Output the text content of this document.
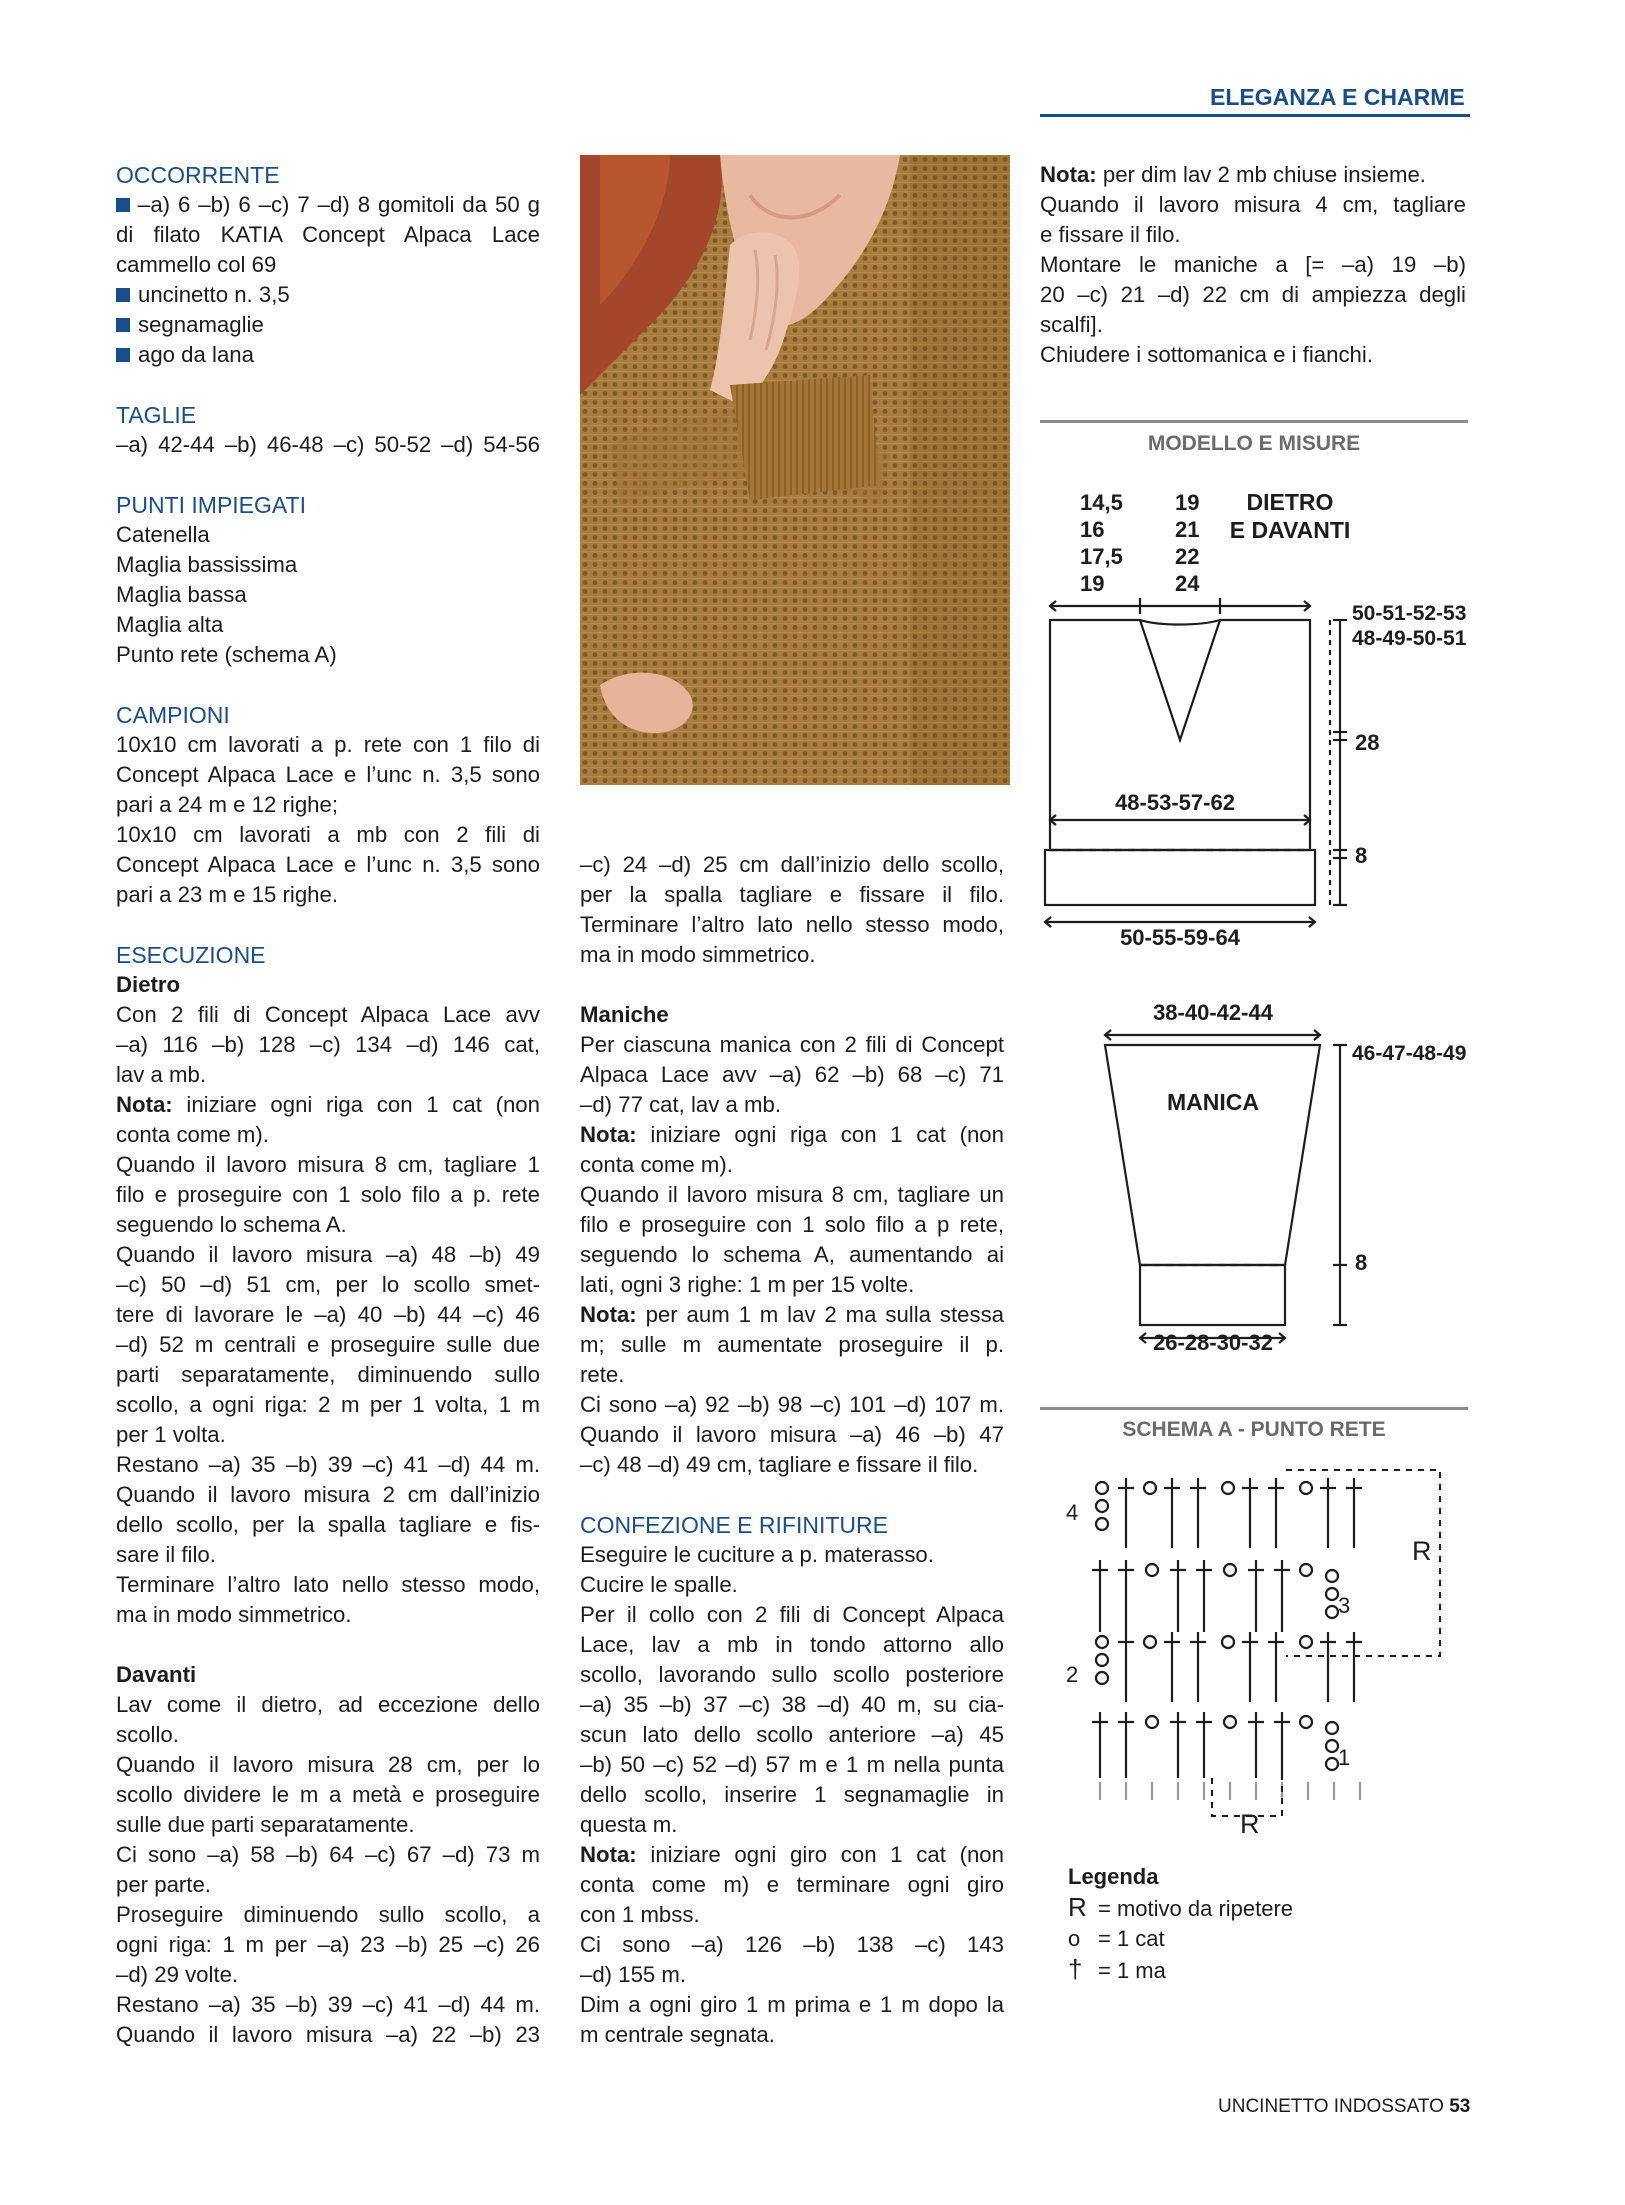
ELEGANZA E CHARME
OCCORRENTE
–a) 6 –b) 6 –c) 7 –d) 8 gomitoli da 50 g
di filato KATIA Concept Alpaca Lace
cammello col 69
uncinetto n. 3,5
segnamaglie
ago da lana
TAGLIE
–a) 42-44 –b) 46-48 –c) 50-52 –d) 54-56
PUNTI IMPIEGATI
Catenella
Maglia bassissima
Maglia bassa
Maglia alta
Punto rete (schema A)
CAMPIONI
10x10 cm lavorati a p. rete con 1 filo di
Concept Alpaca Lace e l’unc n. 3,5 sono
pari a 24 m e 12 righe;
10x10 cm lavorati a mb con 2 fili di
Concept Alpaca Lace e l’unc n. 3,5 sono
pari a 23 m e 15 righe.
ESECUZIONE
Dietro
Con 2 fili di Concept Alpaca Lace avv
–a) 116 –b) 128 –c) 134 –d) 146 cat,
lav a mb.
Nota: iniziare ogni riga con 1 cat (non
conta come m).
Quando il lavoro misura 8 cm, tagliare 1
filo e proseguire con 1 solo filo a p. rete
seguendo lo schema A.
Quando il lavoro misura –a) 48 –b) 49
–c) 50 –d) 51 cm, per lo scollo smet-
tere di lavorare le –a) 40 –b) 44 –c) 46
–d) 52 m centrali e proseguire sulle due
parti separatamente, diminuendo sullo
scollo, a ogni riga: 2 m per 1 volta, 1 m
per 1 volta.
Restano –a) 35 –b) 39 –c) 41 –d) 44 m.
Quando il lavoro misura 2 cm dall’inizio
dello scollo, per la spalla tagliare e fis-
sare il filo.
Terminare l’altro lato nello stesso modo,
ma in modo simmetrico.
Davanti
Lav come il dietro, ad eccezione dello
scollo.
Quando il lavoro misura 28 cm, per lo
scollo dividere le m a metà e proseguire
sulle due parti separatamente.
Ci sono –a) 58 –b) 64 –c) 67 –d) 73 m
per parte.
Proseguire diminuendo sullo scollo, a
ogni riga: 1 m per –a) 23 –b) 25 –c) 26
–d) 29 volte.
Restano –a) 35 –b) 39 –c) 41 –d) 44 m.
Quando il lavoro misura –a) 22 –b) 23
–c) 24 –d) 25 cm dall’inizio dello scollo,
per la spalla tagliare e fissare il filo.
Terminare l’altro lato nello stesso modo,
ma in modo simmetrico.
Maniche
Per ciascuna manica con 2 fili di Concept
Alpaca Lace avv –a) 62 –b) 68 –c) 71
–d) 77 cat, lav a mb.
Nota: iniziare ogni riga con 1 cat (non
conta come m).
Quando il lavoro misura 8 cm, tagliare un
filo e proseguire con 1 solo filo a p rete,
seguendo lo schema A, aumentando ai
lati, ogni 3 righe: 1 m per 15 volte.
Nota: per aum 1 m lav 2 ma sulla stessa
m; sulle m aumentate proseguire il p.
rete.
Ci sono –a) 92 –b) 98 –c) 101 –d) 107 m.
Quando il lavoro misura –a) 46 –b) 47
–c) 48 –d) 49 cm, tagliare e fissare il filo.
CONFEZIONE E RIFINITURE
Eseguire le cuciture a p. materasso.
Cucire le spalle.
Per il collo con 2 fili di Concept Alpaca
Lace, lav a mb in tondo attorno allo
scollo, lavorando sullo scollo posteriore
–a) 35 –b) 37 –c) 38 –d) 40 m, su cia-
scun lato dello scollo anteriore –a) 45
–b) 50 –c) 52 –d) 57 m e 1 m nella punta
dello scollo, inserire 1 segnamaglie in
questa m.
Nota: iniziare ogni giro con 1 cat (non
conta come m) e terminare ogni giro
con 1 mbss.
Ci sono –a) 126 –b) 138 –c) 143
–d) 155 m.
Dim a ogni giro 1 m prima e 1 m dopo la
m centrale segnata.
Nota: per dim lav 2 mb chiuse insieme.
Quando il lavoro misura 4 cm, tagliare
e fissare il filo.
Montare le maniche a [= –a) 19 –b)
20 –c) 21 –d) 22 cm di ampiezza degli
scalfi].
Chiudere i sottomanica e i fianchi.
MODELLO E MISURE
14,5
16
17,5
19
19
21
22
24
DIETRO
E DAVANTI
50-51-52-53
48-49-50-51
28
48-53-57-62
8
50-55-59-64
38-40-42-44
46-47-48-49
MANICA
8
26-28-30-32
SCHEMA A - PUNTO RETE
4
3
2
1
R
R
Legenda
R = motivo da ripetere
o = 1 cat
† = 1 ma
UNCINETTO INDOSSATO 53
